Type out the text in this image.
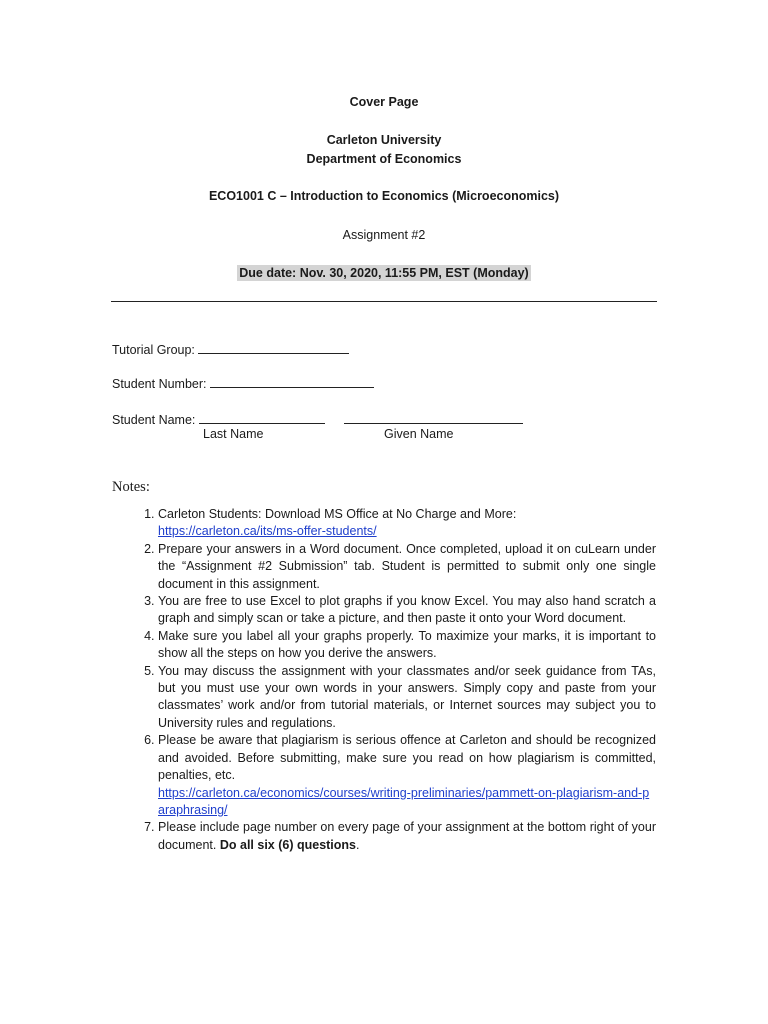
Cover Page
Carleton University
Department of Economics
ECO1001 C – Introduction to Economics (Microeconomics)
Assignment #2
Due date: Nov. 30, 2020, 11:55 PM, EST (Monday)
Tutorial Group:
Student Number:
Student Name:
Last Name	Given Name
Notes:
1. Carleton Students: Download MS Office at No Charge and More:
https://carleton.ca/its/ms-offer-students/
2. Prepare your answers in a Word document. Once completed, upload it on cuLearn under the “Assignment #2 Submission” tab. Student is permitted to submit only one single document in this assignment.
3. You are free to use Excel to plot graphs if you know Excel. You may also hand scratch a graph and simply scan or take a picture, and then paste it onto your Word document.
4. Make sure you label all your graphs properly. To maximize your marks, it is important to show all the steps on how you derive the answers.
5. You may discuss the assignment with your classmates and/or seek guidance from TAs, but you must use your own words in your answers. Simply copy and paste from your classmates’ work and/or from tutorial materials, or Internet sources may subject you to University rules and regulations.
6. Please be aware that plagiarism is serious offence at Carleton and should be recognized and avoided. Before submitting, make sure you read on how plagiarism is committed, penalties, etc.
https://carleton.ca/economics/courses/writing-preliminaries/pammett-on-plagiarism-and-paraphrasing/
7. Please include page number on every page of your assignment at the bottom right of your document. Do all six (6) questions.
